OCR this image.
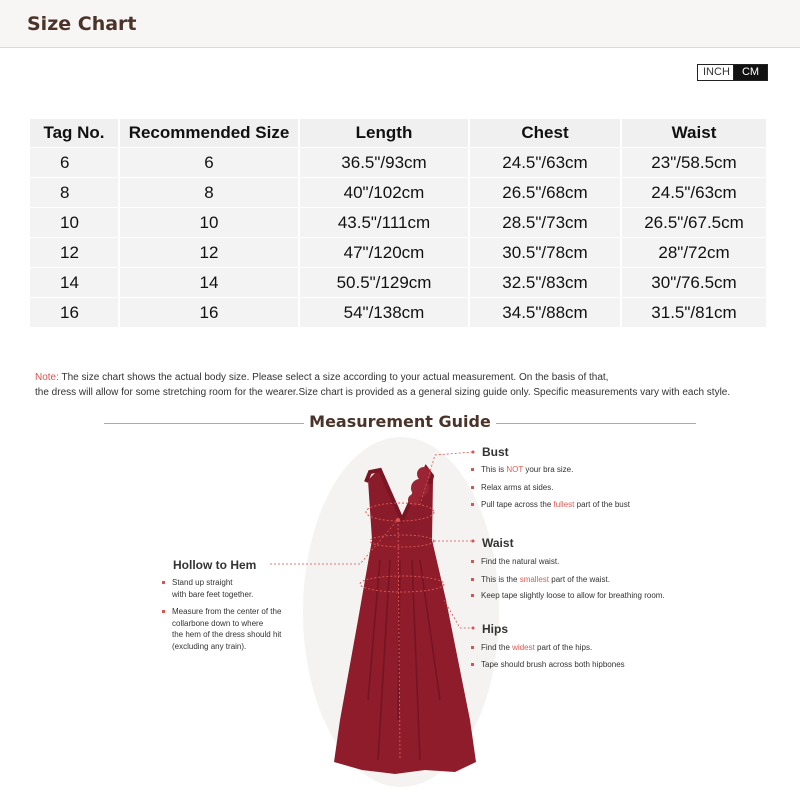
Size Chart
INCH	CM
Tag No.	Recommended Size	Length	Chest	Waist
6	6	36.5"/93cm	24.5"/63cm	23"/58.5cm
8	8	40"/102cm	26.5"/68cm	24.5"/63cm
10	10	43.5"/111cm	28.5"/73cm	26.5"/67.5cm
12	12	47"/120cm	30.5"/78cm	28"/72cm
14	14	50.5"/129cm	32.5"/83cm	30"/76.5cm
16	16	54"/138cm	34.5"/88cm	31.5"/81cm
Note: The size chart shows the actual body size. Please select a size according to your actual measurement. On the basis of that,
the dress will allow for some stretching room for the wearer.Size chart is provided as a general sizing guide only. Specific measurements vary with each style.
Measurement Guide
Bust
This is NOT your bra size.
Relax arms at sides.
Pull tape across the fullest part of the bust
Waist
Find the natural waist.
This is the smallest part of the waist.
Keep tape slightly loose to allow for breathing room.
Hips
Find the widest part of the hips.
Tape should brush across both hipbones
Hollow to Hem
Stand up straight
with bare feet together.
Measure from the center of the
collarbone down to where
the hem of the dress should hit
(excluding any train).
